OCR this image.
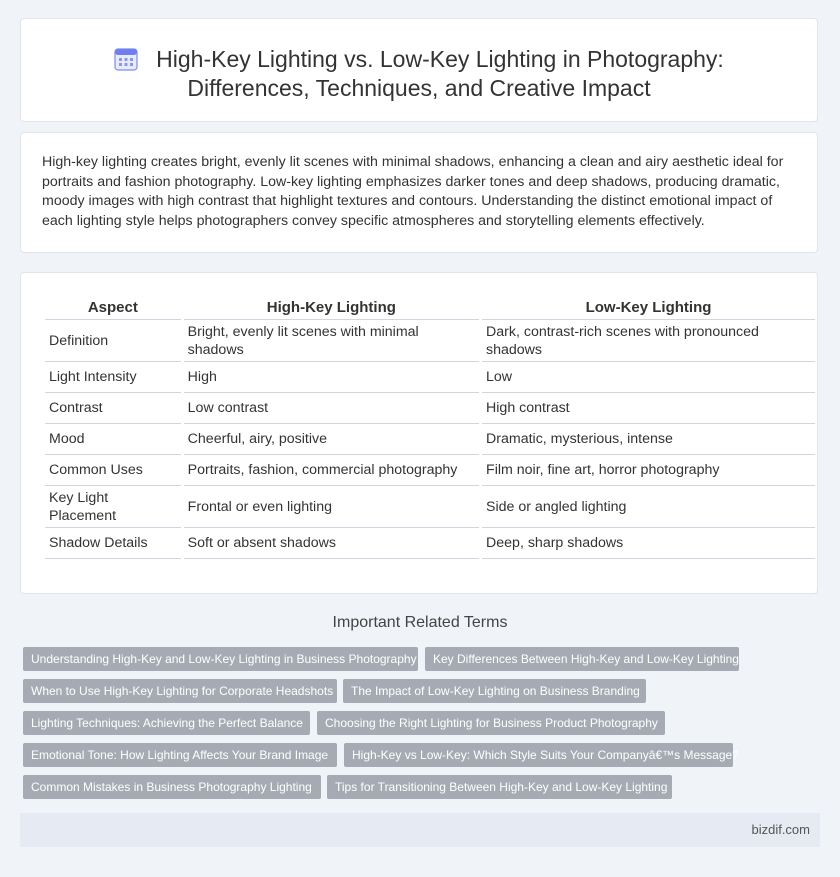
High-Key Lighting vs. Low-Key Lighting in Photography:
Differences, Techniques, and Creative Impact

High-key lighting creates bright, evenly lit scenes with minimal shadows, enhancing a clean and airy aesthetic ideal for portraits and fashion photography. Low-key lighting emphasizes darker tones and deep shadows, producing dramatic, moody images with high contrast that highlight textures and contours. Understanding the distinct emotional impact of each lighting style helps photographers convey specific atmospheres and storytelling elements effectively.

Aspect	High-Key Lighting	Low-Key Lighting
Definition	Bright, evenly lit scenes with minimal shadows	Dark, contrast-rich scenes with pronounced shadows
Light Intensity	High	Low
Contrast	Low contrast	High contrast
Mood	Cheerful, airy, positive	Dramatic, mysterious, intense
Common Uses	Portraits, fashion, commercial photography	Film noir, fine art, horror photography
Key Light Placement	Frontal or even lighting	Side or angled lighting
Shadow Details	Soft or absent shadows	Deep, sharp shadows
Important Related Terms
Understanding High-Key and Low-Key Lighting in Business Photography	Key Differences Between High-Key and Low-Key Lighting
When to Use High-Key Lighting for Corporate Headshots	The Impact of Low-Key Lighting on Business Branding
Lighting Techniques: Achieving the Perfect Balance	Choosing the Right Lighting for Business Product Photography
Emotional Tone: How Lighting Affects Your Brand Image	High-Key vs Low-Key: Which Style Suits Your Companyâ€™s Message?
Common Mistakes in Business Photography Lighting	Tips for Transitioning Between High-Key and Low-Key Lighting
bizdif.com
